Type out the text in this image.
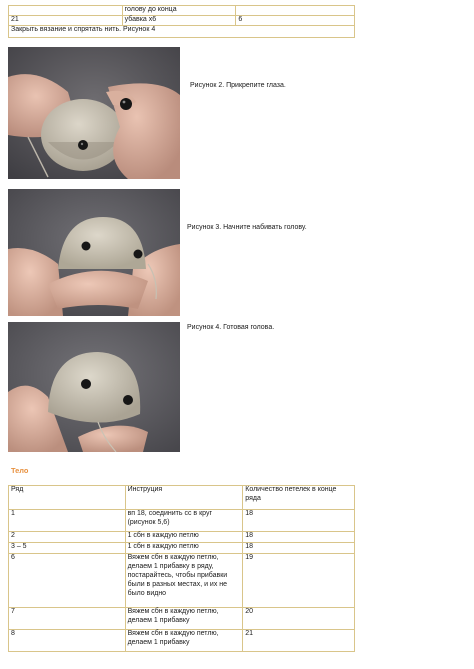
	голову до конца	
21	убавка х6	6
Закрыть вязание и спрятать нить. Рисунок 4		
Рисунок 2. Прикрепите глаза.
Рисунок 3. Начните набивать голову.
Рисунок 4. Готовая голова.
Тело
Ряд	Инструция	Количество петелек в конце ряда
1	вп 18, соединить сс в круг (рисунок 5,6)	18
2	1 сбн в каждую петлю	18
3 – 5	1 сбн в каждую петлю	18
6	Вяжем сбн в каждую петлю, делаем 1 прибавку в ряду, постарайтесь, чтобы прибавки были в разных местах, и их не было видно	19
7	Вяжем сбн в каждую петлю, делаем 1 прибавку	20
8	Вяжем сбн в каждую петлю, делаем 1 прибавку	21
